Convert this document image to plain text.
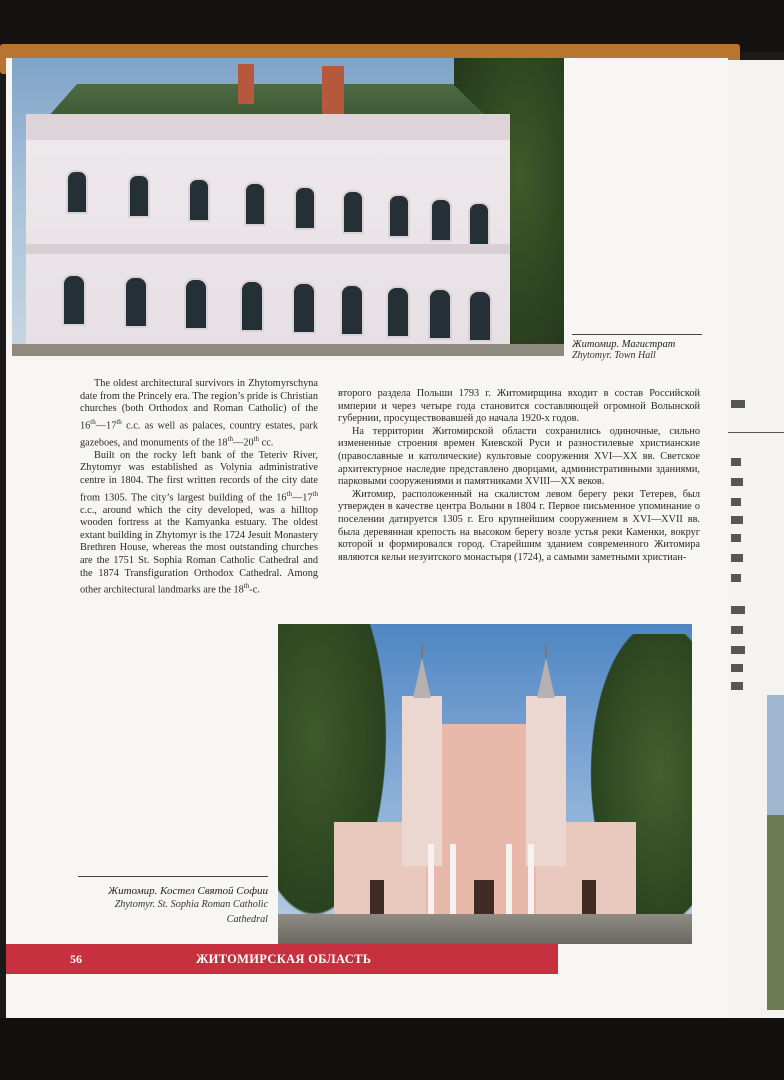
Житомир. Магистрат
Zhytomyr. Town Hall

The oldest architectural survivors in Zhytomyrschyna date from the Princely era. The region’s pride is Christian churches (both Orthodox and Roman Catholic) of the 16th—17th c.c. as well as palaces, country estates, park gazeboes, and monuments of the 18th—20th cc.

Built on the rocky left bank of the Teteriv River, Zhytomyr was established as Volynia administrative centre in 1804. The first written records of the city date from 1305. The city’s largest building of the 16th—17th c.c., around which the city developed, was a hilltop wooden fortress at the Kamyanka estuary. The oldest extant building in Zhytomyr is the 1724 Jesuit Monastery Brethren House, whereas the most outstanding churches are the 1751 St. Sophia Roman Catholic Cathedral and the 1874 Transfiguration Orthodox Cathedral. Among other architectural landmarks are the 18th-c.

второго раздела Польши 1793 г. Житомирщина входит в состав Российской империи и через четыре года становится составляющей огромной Волынской губернии, просуществовавшей до начала 1920-х годов.

На территории Житомирской области сохранились одиночные, сильно измененные строения времен Киевской Руси и разностилевые христианские (православные и католические) культовые сооружения XVI—XX вв. Светское архитектурное наследие представлено дворцами, административными зданиями, парковыми сооружениями и памятниками XVIII—XX веков.

Житомир, расположенный на скалистом левом берегу реки Тетерев, был утвержден в качестве центра Волыни в 1804 г. Первое письменное упоминание о поселении датируется 1305 г. Его крупнейшим сооружением в XVI—XVII вв. была деревянная крепость на высоком берегу возле устья реки Каменки, вокруг которой и формировался город. Старейшим зданием современного Житомира являются кельи иезуитского монастыря (1724), а самыми заметными христиан-

Житомир. Костел Святой Софии
Zhytomyr. St. Sophia Roman Catholic
Cathedral
56	ЖИТОМИРСКАЯ ОБЛАСТЬ
